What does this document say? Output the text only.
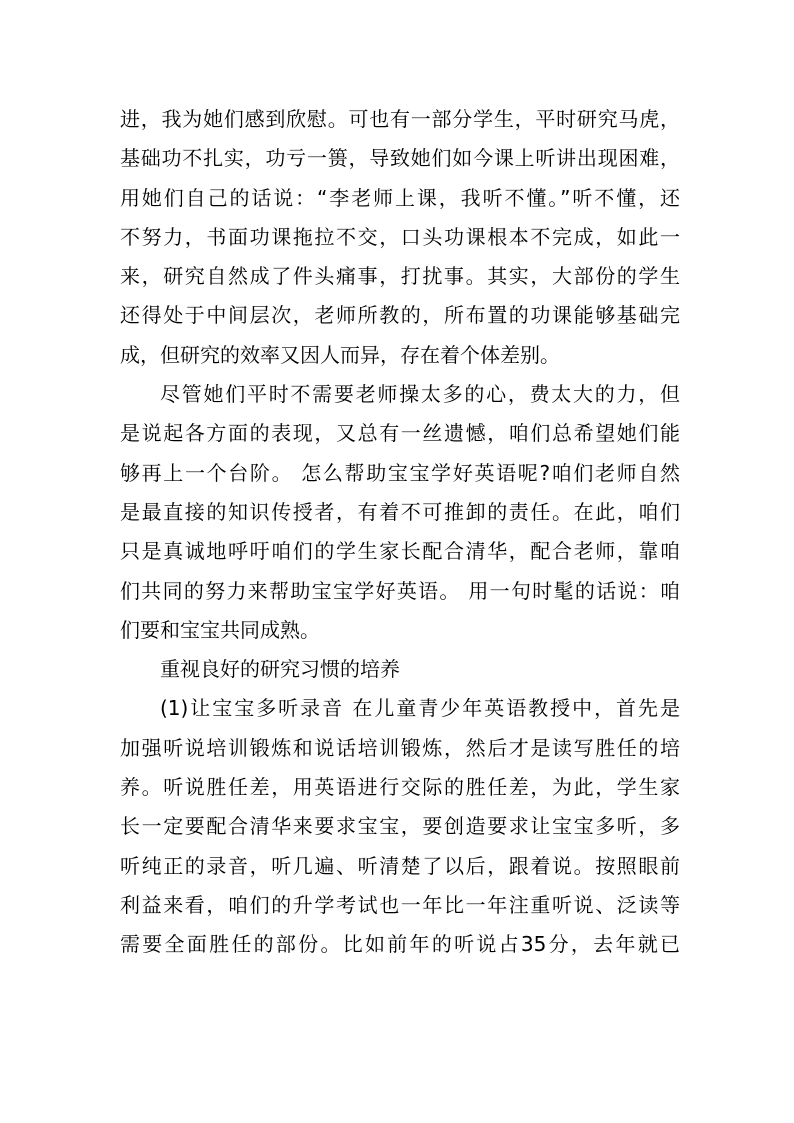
进，我为她们感到欣慰。可也有一部分学生，平时研究马虎，
基础功不扎实，功亏一篑，导致她们如今课上听讲出现困难，
用她们自己的话说：“李老师上课，我听不懂。”听不懂，还
不努力，书面功课拖拉不交，口头功课根本不完成，如此一
来，研究自然成了件头痛事，打扰事。其实，大部份的学生
还得处于中间层次，老师所教的，所布置的功课能够基础完
成，但研究的效率又因人而异，存在着个体差别。
尽管她们平时不需要老师操太多的心，费太大的力，但
是说起各方面的表现，又总有一丝遗憾，咱们总希望她们能
够再上一个台阶。 怎么帮助宝宝学好英语呢?咱们老师自然
是最直接的知识传授者，有着不可推卸的责任。在此，咱们
只是真诚地呼吁咱们的学生家长配合清华，配合老师，靠咱
们共同的努力来帮助宝宝学好英语。 用一句时髦的话说：咱
们要和宝宝共同成熟。
重视良好的研究习惯的培养
(1)让宝宝多听录音 在儿童青少年英语教授中，首先是
加强听说培训锻炼和说话培训锻炼，然后才是读写胜任的培
养。听说胜任差，用英语进行交际的胜任差，为此，学生家
长一定要配合清华来要求宝宝，要创造要求让宝宝多听，多
听纯正的录音，听几遍、听清楚了以后，跟着说。按照眼前
利益来看，咱们的升学考试也一年比一年注重听说、泛读等
需要全面胜任的部份。比如前年的听说占35分，去年就已
